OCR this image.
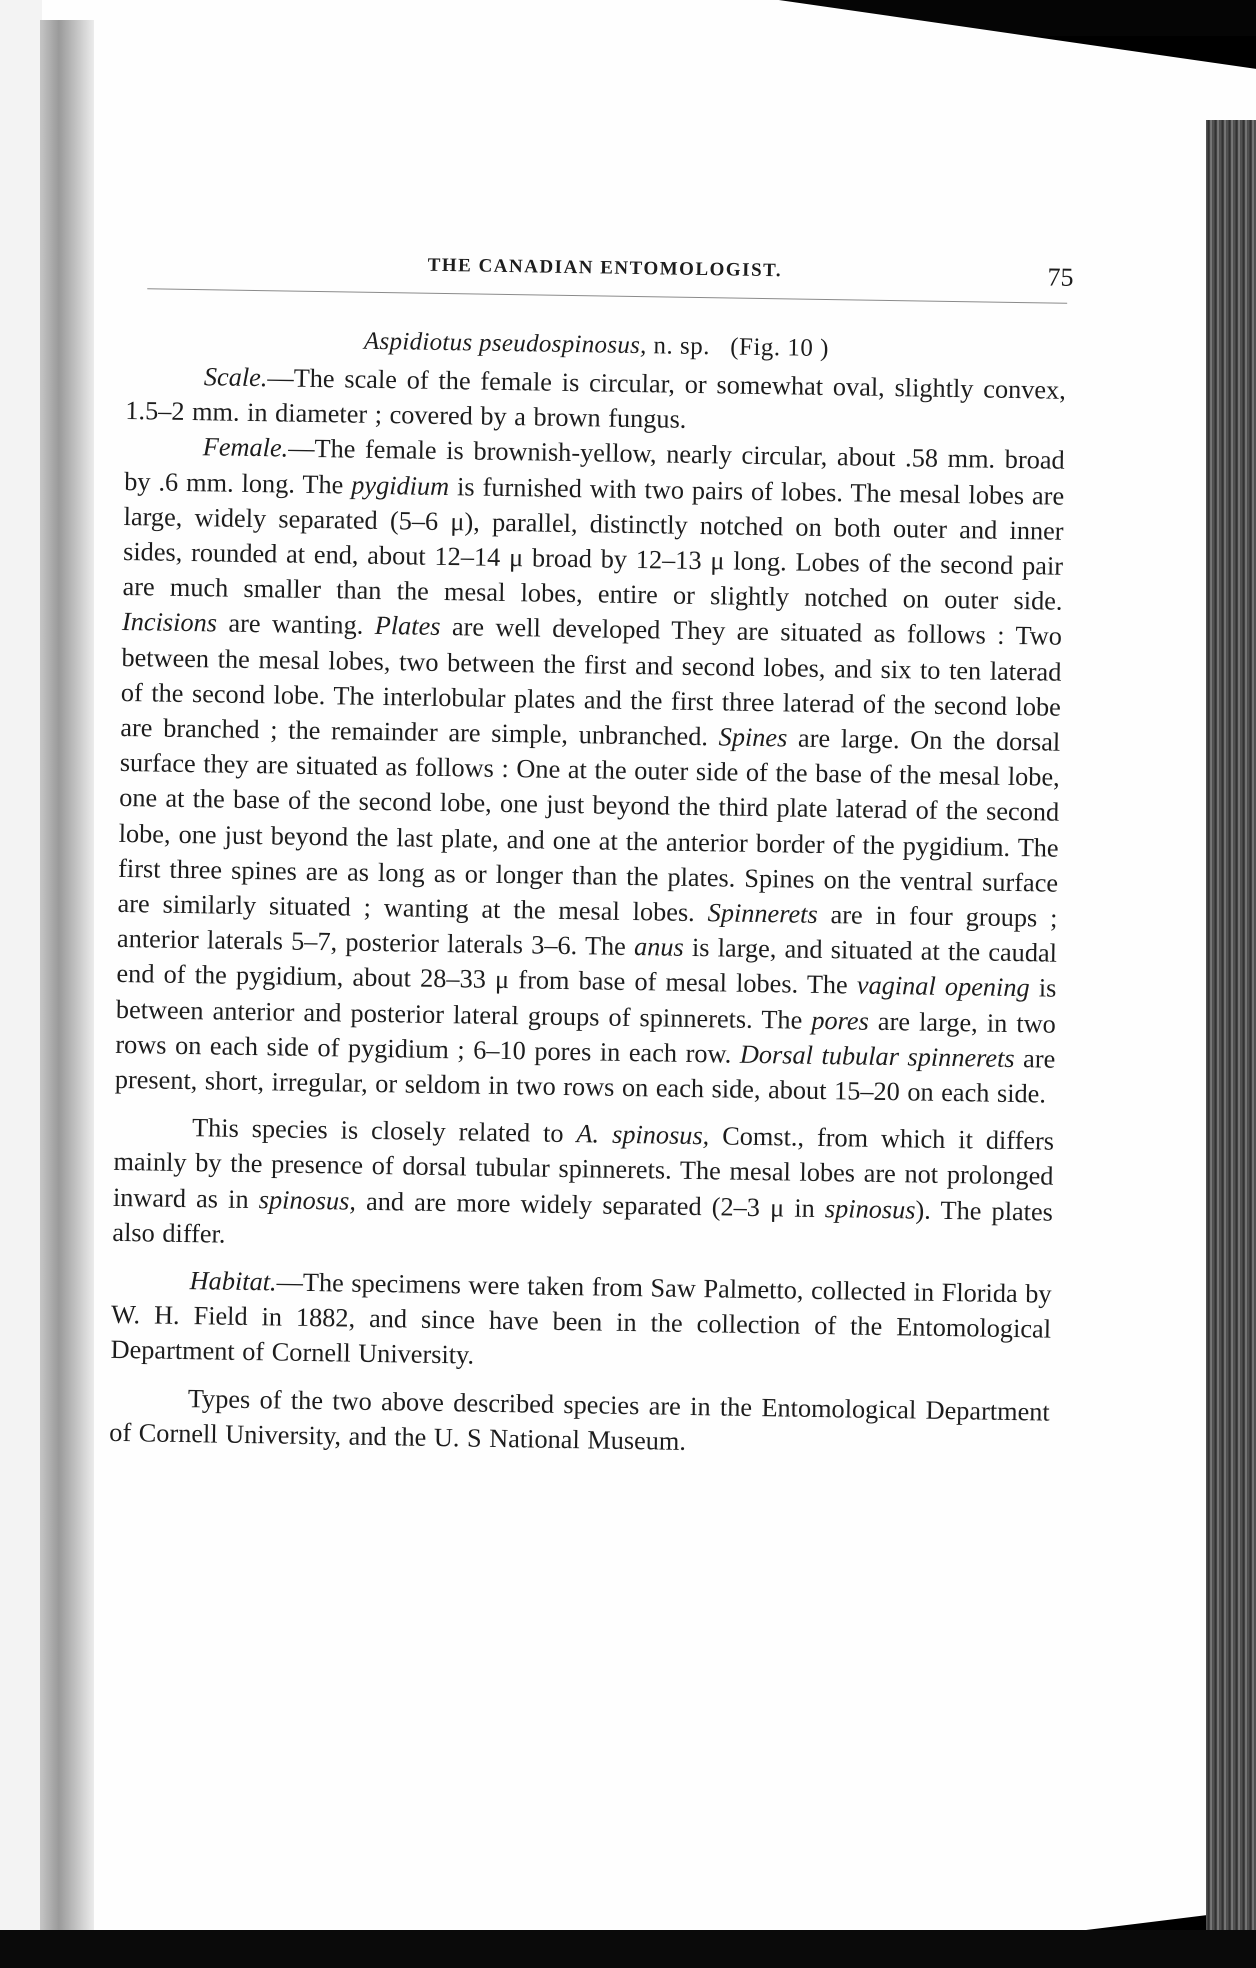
THE CANADIAN ENTOMOLOGIST.	75
Aspidiotus pseudospinosus, n. sp. (Fig. 10 )

Scale.—The scale of the female is circular, or somewhat oval, slightly convex, 1.5–2 mm. in diameter ; covered by a brown fungus.

Female.—The female is brownish-yellow, nearly circular, about .58 mm. broad by .6 mm. long. The pygidium is furnished with two pairs of lobes. The mesal lobes are large, widely separated (5–6 μ), parallel, distinctly notched on both outer and inner sides, rounded at end, about 12–14 μ broad by 12–13 μ long. Lobes of the second pair are much smaller than the mesal lobes, entire or slightly notched on outer side. Incisions are wanting. Plates are well developed They are situated as follows : Two between the mesal lobes, two between the first and second lobes, and six to ten laterad of the second lobe. The interlobular plates and the first three laterad of the second lobe are branched ; the remainder are simple, unbranched. Spines are large. On the dorsal surface they are situated as follows : One at the outer side of the base of the mesal lobe, one at the base of the second lobe, one just beyond the third plate laterad of the second lobe, one just beyond the last plate, and one at the anterior border of the pygidium. The first three spines are as long as or longer than the plates. Spines on the ventral surface are similarly situated ; wanting at the mesal lobes. Spinnerets are in four groups ; anterior laterals 5–7, posterior laterals 3–6. The anus is large, and situated at the caudal end of the pygidium, about 28–33 μ from base of mesal lobes. The vaginal opening is between anterior and posterior lateral groups of spinnerets. The pores are large, in two rows on each side of pygidium ; 6–10 pores in each row. Dorsal tubular spinnerets are present, short, irregular, or seldom in two rows on each side, about 15–20 on each side.

This species is closely related to A. spinosus, Comst., from which it differs mainly by the presence of dorsal tubular spinnerets. The mesal lobes are not prolonged inward as in spinosus, and are more widely separated (2–3 μ in spinosus). The plates also differ.

Habitat.—The specimens were taken from Saw Palmetto, collected in Florida by W. H. Field in 1882, and since have been in the collection of the Entomological Department of Cornell University.

Types of the two above described species are in the Entomological Department of Cornell University, and the U. S National Museum.
